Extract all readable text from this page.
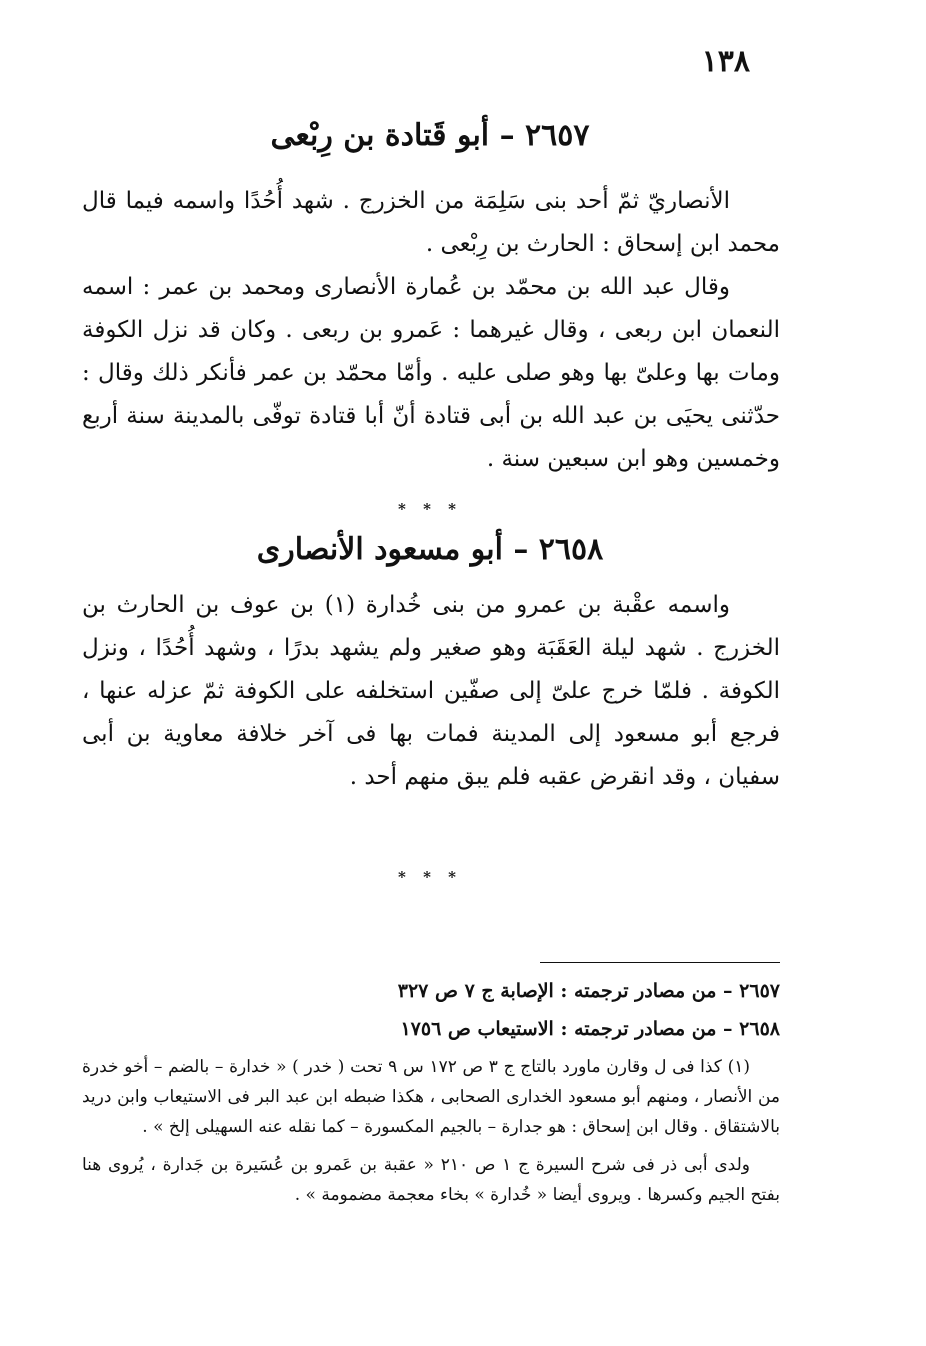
١٣٨
٢٦٥٧ – أبو قَتادة بن رِبْعى

الأنصاريّ ثمّ أحد بنى سَلِمَة من الخزرج . شهد أُحُدًا واسمه فيما قال محمد ابن إسحاق : الحارث بن رِبْعى .

وقال عبد الله بن محمّد بن عُمارة الأنصارى ومحمد بن عمر : اسمه النعمان ابن ربعى ، وقال غيرهما : عَمرو بن ربعى . وكان قد نزل الكوفة ومات بها وعلىّ بها وهو صلى عليه . وأمّا محمّد بن عمر فأنكر ذلك وقال : حدّثنى يحيَى بن عبد الله بن أبى قتادة أنّ أبا قتادة توفّى بالمدينة سنة أربع وخمسين وهو ابن سبعين سنة .

* * *
٢٦٥٨ – أبو مسعود الأنصارى

واسمه عقْبة بن عمرو من بنى خُدارة (١) بن عوف بن الحارث بن الخزرج . شهد ليلة العَقَبَة وهو صغير ولم يشهد بدرًا ، وشهد أُحُدًا ، ونزل الكوفة . فلمّا خرج علىّ إلى صفّين استخلفه على الكوفة ثمّ عزله عنها ، فرجع أبو مسعود إلى المدينة فمات بها فى آخر خلافة معاوية بن أبى سفيان ، وقد انقرض عقبه فلم يبق منهم أحد .

* * *

٢٦٥٧ – من مصادر ترجمته : الإصابة ج ٧ ص ٣٢٧

٢٦٥٨ – من مصادر ترجمته : الاستيعاب ص ١٧٥٦

(١) كذا فى ل وقارن ماورد بالتاج ج ٣ ص ١٧٢ س ٩ تحت ( خدر ) « خدارة – بالضم – أخو خدرة من الأنصار ، ومنهم أبو مسعود الخدارى الصحابى ، هكذا ضبطه ابن عبد البر فى الاستيعاب وابن دريد بالاشتقاق . وقال ابن إسحاق : هو جدارة – بالجيم المكسورة – كما نقله عنه السهيلى إلخ » .

ولدى أبى ذر فى شرح السيرة ج ١ ص ٢١٠ « عقبة بن عَمرو بن عُسَيرة بن جَدارة ، يُروى هنا بفتح الجيم وكسرها . ويروى أيضا « خُدارة » بخاء معجمة مضمومة » .
